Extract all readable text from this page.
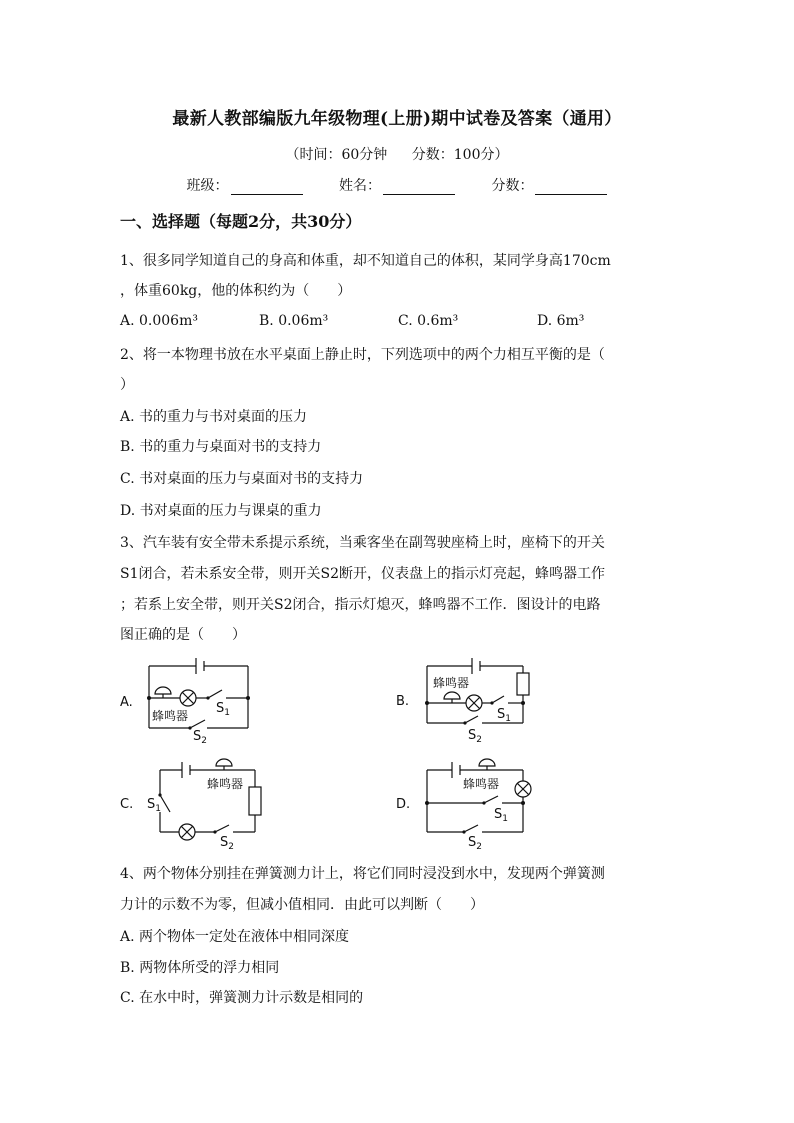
最新人教部编版九年级物理(上册)期中试卷及答案（通用）
（时间：60分钟 分数：100分）
班级：	姓名：	分数：
一、选择题（每题2分，共30分）
1、很多同学知道自己的身高和体重，却不知道自己的体积，某同学身高170cm
，体重60kg，他的体积约为（　　）
A. 0.006m³	B. 0.06m³	C. 0.6m³	D. 6m³
2、将一本物理书放在水平桌面上静止时，下列选项中的两个力相互平衡的是（
）
A. 书的重力与书对桌面的压力
B. 书的重力与桌面对书的支持力
C. 书对桌面的压力与桌面对书的支持力
D. 书对桌面的压力与课桌的重力
3、汽车装有安全带未系提示系统，当乘客坐在副驾驶座椅上时，座椅下的开关
S1闭合，若未系安全带，则开关S2断开，仪表盘上的指示灯亮起，蜂鸣器工作
；若系上安全带，则开关S2闭合，指示灯熄灭，蜂鸣器不工作．图设计的电路
图正确的是（　　）
A.
蜂鸣器 $S_1$
$S_2$
B.
蜂鸣器
$S_1$
$S_2$
C.
蜂鸣器
$S_1$
$S_2$
D.
蜂鸣器
$S_1$
$S_2$
4、两个物体分别挂在弹簧测力计上，将它们同时浸没到水中，发现两个弹簧测
力计的示数不为零，但减小值相同．由此可以判断（　　）
A. 两个物体一定处在液体中相同深度
B. 两物体所受的浮力相同
C. 在水中时，弹簧测力计示数是相同的
